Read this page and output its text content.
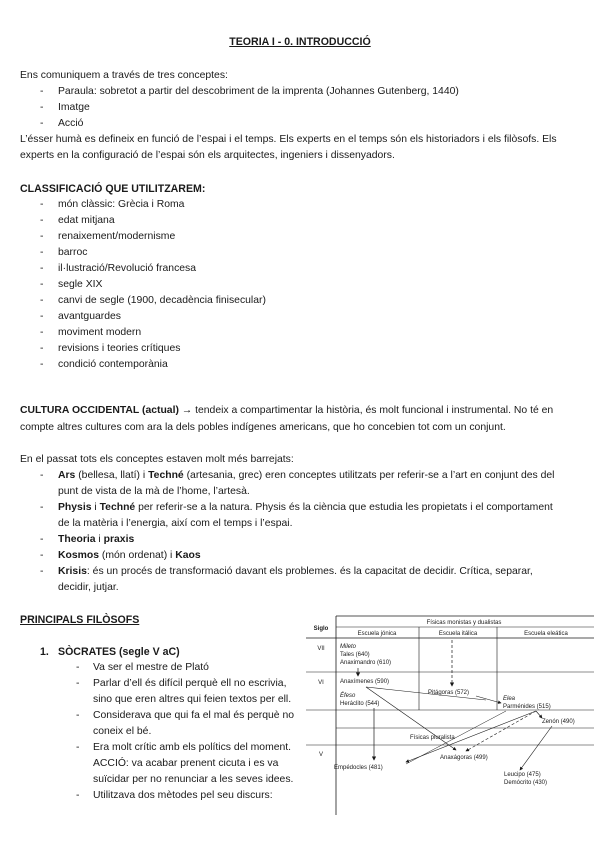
TEORIA I - 0. INTRODUCCIÓ
Ens comuniquem a través de tres conceptes:
- Paraula: sobretot a partir del descobriment de la imprenta (Johannes Gutenberg, 1440)
- Imatge
- Acció
L’ésser humà es defineix en funció de l’espai i el temps. Els experts en el temps són els historiadors i els filòsofs. Els
experts en la configuració de l’espai són els arquitectes, ingeniers i dissenyadors.
CLASSIFICACIÓ QUE UTILITZAREM:
- món clàssic: Grècia i Roma
- edat mitjana
- renaixement/modernisme
- barroc
- il·lustració/Revolució francesa
- segle XIX
- canvi de segle (1900, decadència finisecular)
- avantguardes
- moviment modern
- revisions i teories crítiques
- condició contemporània
CULTURA OCCIDENTAL (actual) → tendeix a compartimentar la història, és molt funcional i instrumental. No té en
compte altres cultures com ara la dels pobles indígenes americans, que ho concebien tot com un conjunt.
En el passat tots els conceptes estaven molt més barrejats:
- Ars (bellesa, llatí) i Techné (artesania, grec) eren conceptes utilitzats per referir-se a l’art en conjunt des del
punt de vista de la mà de l’home, l’artesà.
- Physis i Techné per referir-se a la natura. Physis és la ciència que estudia les propietats i el comportament
de la matèria i l’energia, així com el temps i l’espai.
- Theoria i praxis
- Kosmos (món ordenat) i Kaos
- Krisis: és un procés de transformació davant els problemes. és la capacitat de decidir. Crítica, separar,
decidir, jutjar.
PRINCIPALS FILÒSOFS
1. SÒCRATES (segle V aC)
- Va ser el mestre de Plató
- Parlar d’ell és difícil perquè ell no escrivia,
sino que eren altres qui feien textos per ell.
- Considerava que qui fa el mal és perquè no
coneix el bé.
- Era molt crític amb els polítics del moment.
ACCIÓ: va acabar prenent cicuta i es va
suïcidar per no renunciar a les seves idees.
- Utilitzava dos mètodes pel seu discurs:
Físicas monistas y dualistas
Siglo
Escuela jónica	Escuela itálica	Escuela eleática
VII
VI
V
Mileto
Tales (640)
Anaximandro (610)
Anaxímenes (590)
Éfeso
Heráclito (544)
Pitágoras (572)
Elea
Parménides (515)
Zenón (490)
Físicas pluralista
Anaxágoras (499)
Empédocles (481)
Leucipo (475)
Demócrito (430)
